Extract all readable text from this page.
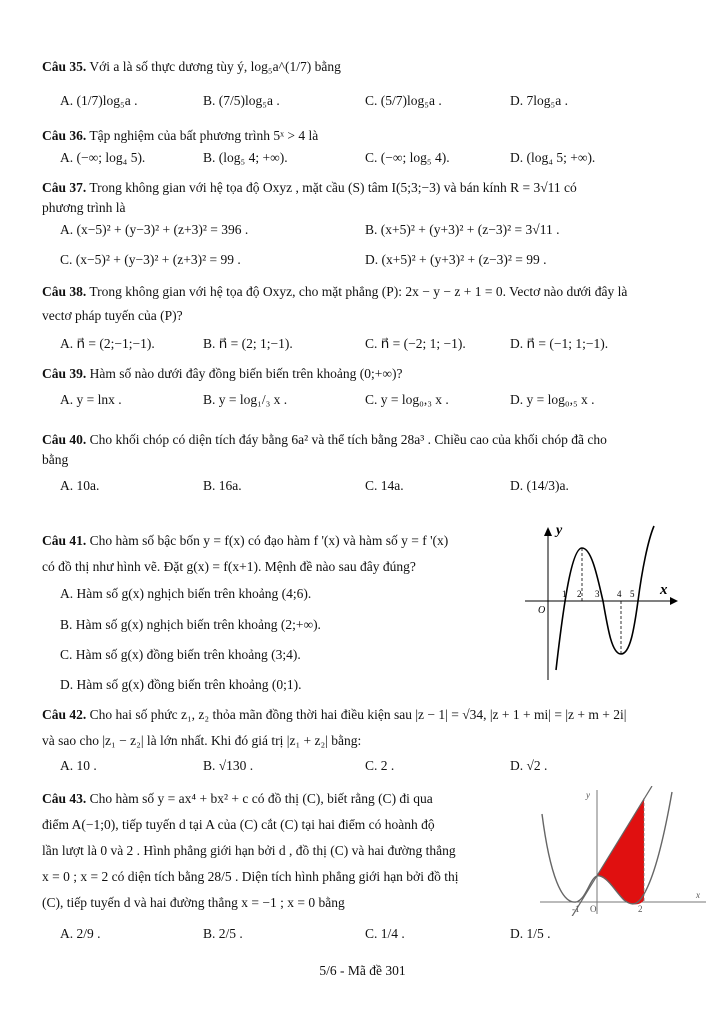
Câu 35. Với a là số thực dương tùy ý, log₅a^(1/7) bằng
A. (1/7)log₅a .	B. (7/5)log₅a .	C. (5/7)log₅a .	D. 7log₅a .
Câu 36. Tập nghiệm của bất phương trình 5ˣ > 4 là
A. (−∞; log₄ 5).	B. (log₅ 4; +∞).	C. (−∞; log₅ 4).	D. (log₄ 5; +∞).
Câu 37. Trong không gian với hệ tọa độ Oxyz , mặt cầu (S) tâm I(5;3;−3) và bán kính R = 3√11 có
phương trình là
A. (x−5)² + (y−3)² + (z+3)² = 396 .	B. (x+5)² + (y+3)² + (z−3)² = 3√11 .
C. (x−5)² + (y−3)² + (z+3)² = 99 .	D. (x+5)² + (y+3)² + (z−3)² = 99 .
Câu 38. Trong không gian với hệ tọa độ Oxyz, cho mặt phẳng (P): 2x − y − z + 1 = 0. Vectơ nào dưới đây là
vectơ pháp tuyến của (P)?
A. n⃗ = (2;−1;−1).	B. n⃗ = (2; 1;−1).	C. n⃗ = (−2; 1; −1).	D. n⃗ = (−1; 1;−1).
Câu 39. Hàm số nào dưới đây đồng biến biến trên khoảng (0;+∞)?
A. y = lnx .	B. y = log₁/₃ x .	C. y = log₀,₃ x .	D. y = log₀,₅ x .
Câu 40. Cho khối chóp có diện tích đáy bằng 6a² và thể tích bằng 28a³ . Chiều cao của khối chóp đã cho
bằng
A. 10a.	B. 16a.	C. 14a.	D. (14/3)a.
Câu 41. Cho hàm số bậc bốn y = f(x) có đạo hàm f '(x) và hàm số y = f '(x)
có đồ thị như hình vẽ. Đặt g(x) = f(x+1). Mệnh đề nào sau đây đúng?
A. Hàm số g(x) nghịch biến trên khoảng (4;6).
B. Hàm số g(x) nghịch biến trên khoảng (2;+∞).
C. Hàm số g(x) đồng biến trên khoảng (3;4).
D. Hàm số g(x) đồng biến trên khoảng (0;1).
y
x
O
1 2 3 4 5
Câu 42. Cho hai số phức z₁, z₂ thỏa mãn đồng thời hai điều kiện sau |z − 1| = √34, |z + 1 + mi| = |z + m + 2i|
và sao cho |z₁ − z₂| là lớn nhất. Khi đó giá trị |z₁ + z₂| bằng:
A. 10 .	B. √130 .	C. 2 .	D. √2 .
Câu 43. Cho hàm số y = ax⁴ + bx² + c có đồ thị (C), biết rằng (C) đi qua
điểm A(−1;0), tiếp tuyến d tại A của (C) cắt (C) tại hai điểm có hoành độ
lần lượt là 0 và 2 . Hình phẳng giới hạn bởi d , đồ thị (C) và hai đường thẳng
x = 0 ; x = 2 có diện tích bằng 28/5 . Diện tích hình phẳng giới hạn bởi đồ thị
(C), tiếp tuyến d và hai đường thẳng x = −1 ; x = 0 bằng
A. 2/9 .	B. 2/5 .	C. 1/4 .	D. 1/5 .
y
x
-1 O	2
5/6 - Mã đề 301
